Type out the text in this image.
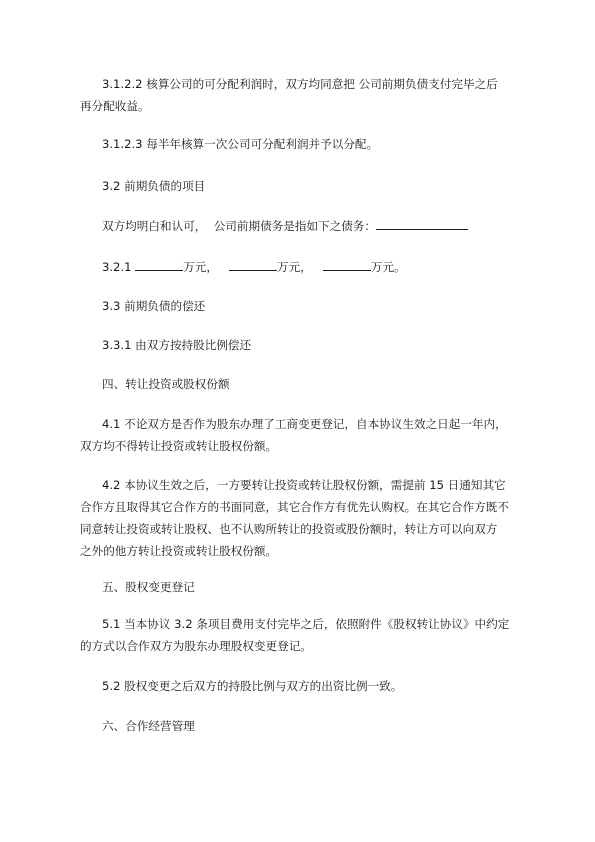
3.1.2.2 核算公司的可分配利润时，双方均同意把 公司前期负债支付完毕之后
再分配收益。
3.1.2.3 每半年核算一次公司可分配利润并予以分配。
3.2 前期负债的项目
双方均明白和认可，  公司前期债务是指如下之债务：
3.2.1	万元，	万元，	万元。
3.3 前期负债的偿还
3.3.1 由双方按持股比例偿还
四、转让投资或股权份额
4.1 不论双方是否作为股东办理了工商变更登记，自本协议生效之日起一年内，
双方均不得转让投资或转让股权份额。
4.2 本协议生效之后，一方要转让投资或转让股权份额，需提前 15 日通知其它
合作方且取得其它合作方的书面同意，其它合作方有优先认购权。在其它合作方既不
同意转让投资或转让股权、也不认购所转让的投资或股份额时，转让方可以向双方
之外的他方转让投资或转让股权份额。
五、股权变更登记
5.1 当本协议 3.2 条项目费用支付完毕之后，依照附件《股权转让协议》中约定
的方式以合作双方为股东办理股权变更登记。
5.2 股权变更之后双方的持股比例与双方的出资比例一致。
六、合作经营管理
